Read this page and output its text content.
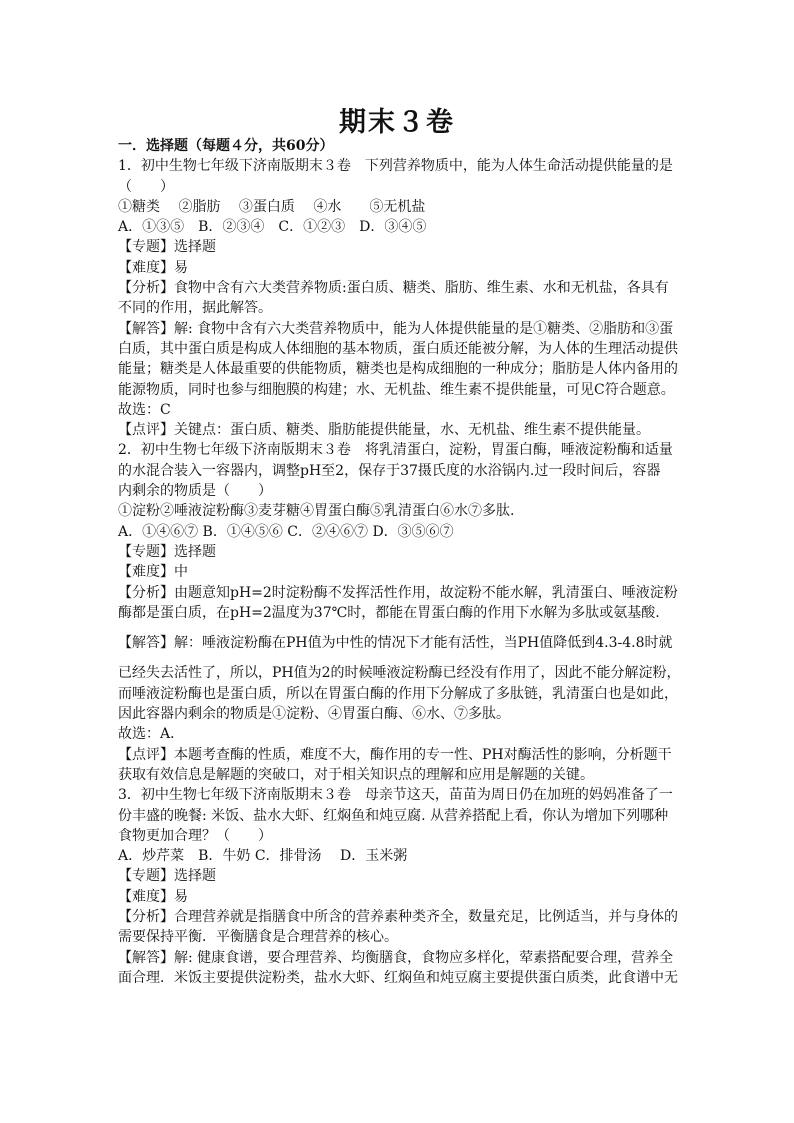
期末３卷
一．选择题（每题４分，共60分）
1．初中生物七年级下济南版期末３卷　下列营养物质中，能为人体生命活动提供能量的是
（　　）
①糖类　 ②脂肪　 ③蛋白质　 ④水　　⑤无机盐
A．①③⑤　B．②③④　C．①②③　D．③④⑤
【专题】选择题
【难度】易
【分析】食物中含有六大类营养物质:蛋白质、糖类、脂肪、维生素、水和无机盐，各具有
不同的作用，据此解答。
【解答】解: 食物中含有六大类营养物质中，能为人体提供能量的是①糖类、②脂肪和③蛋
白质，其中蛋白质是构成人体细胞的基本物质，蛋白质还能被分解，为人体的生理活动提供
能量；糖类是人体最重要的供能物质，糖类也是构成细胞的一种成分；脂肪是人体内备用的
能源物质，同时也参与细胞膜的构建；水、无机盐、维生素不提供能量，可见C符合题意。
故选：C
【点评】关键点：蛋白质、糖类、脂肪能提供能量，水、无机盐、维生素不提供能量。
2．初中生物七年级下济南版期末３卷　将乳清蛋白，淀粉，胃蛋白酶，唾液淀粉酶和适量
的水混合装入一容器内，调整pH至2，保存于37摄氏度的水浴锅内.过一段时间后，容器
内剩余的物质是（　　）
①淀粉②唾液淀粉酶③麦芽糖④胃蛋白酶⑤乳清蛋白⑥水⑦多肽.
A．①④⑥⑦ B．①④⑤⑥ C．②④⑥⑦ D．③⑤⑥⑦
【专题】选择题
【难度】中
【分析】由题意知pH=2时淀粉酶不发挥活性作用，故淀粉不能水解，乳清蛋白、唾液淀粉
酶都是蛋白质，在pH=2温度为37℃时，都能在胃蛋白酶的作用下水解为多肽或氨基酸.
【解答】解：唾液淀粉酶在PH值为中性的情况下才能有活性，当PH值降低到4.3-4.8时就
已经失去活性了，所以，PH值为2的时候唾液淀粉酶已经没有作用了，因此不能分解淀粉，
而唾液淀粉酶也是蛋白质，所以在胃蛋白酶的作用下分解成了多肽链，乳清蛋白也是如此，
因此容器内剩余的物质是①淀粉、④胃蛋白酶、⑥水、⑦多肽。
故选：A．
【点评】本题考查酶的性质，难度不大，酶作用的专一性、PH对酶活性的影响，分析题干
获取有效信息是解题的突破口，对于相关知识点的理解和应用是解题的关键。
3．初中生物七年级下济南版期末３卷　母亲节这天，苗苗为周日仍在加班的妈妈准备了一
份丰盛的晚餐: 米饭、盐水大虾、红焖鱼和炖豆腐. 从营养搭配上看，你认为增加下列哪种
食物更加合理？（　　）
A．炒芹菜　B．牛奶 C．排骨汤　 D．玉米粥
【专题】选择题
【难度】易
【分析】合理营养就是指膳食中所含的营养素种类齐全，数量充足，比例适当，并与身体的
需要保持平衡．平衡膳食是合理营养的核心。
【解答】解: 健康食谱，要合理营养、均衡膳食，食物应多样化，荤素搭配要合理，营养全
面合理．米饭主要提供淀粉类，盐水大虾、红焖鱼和炖豆腐主要提供蛋白质类，此食谱中无
